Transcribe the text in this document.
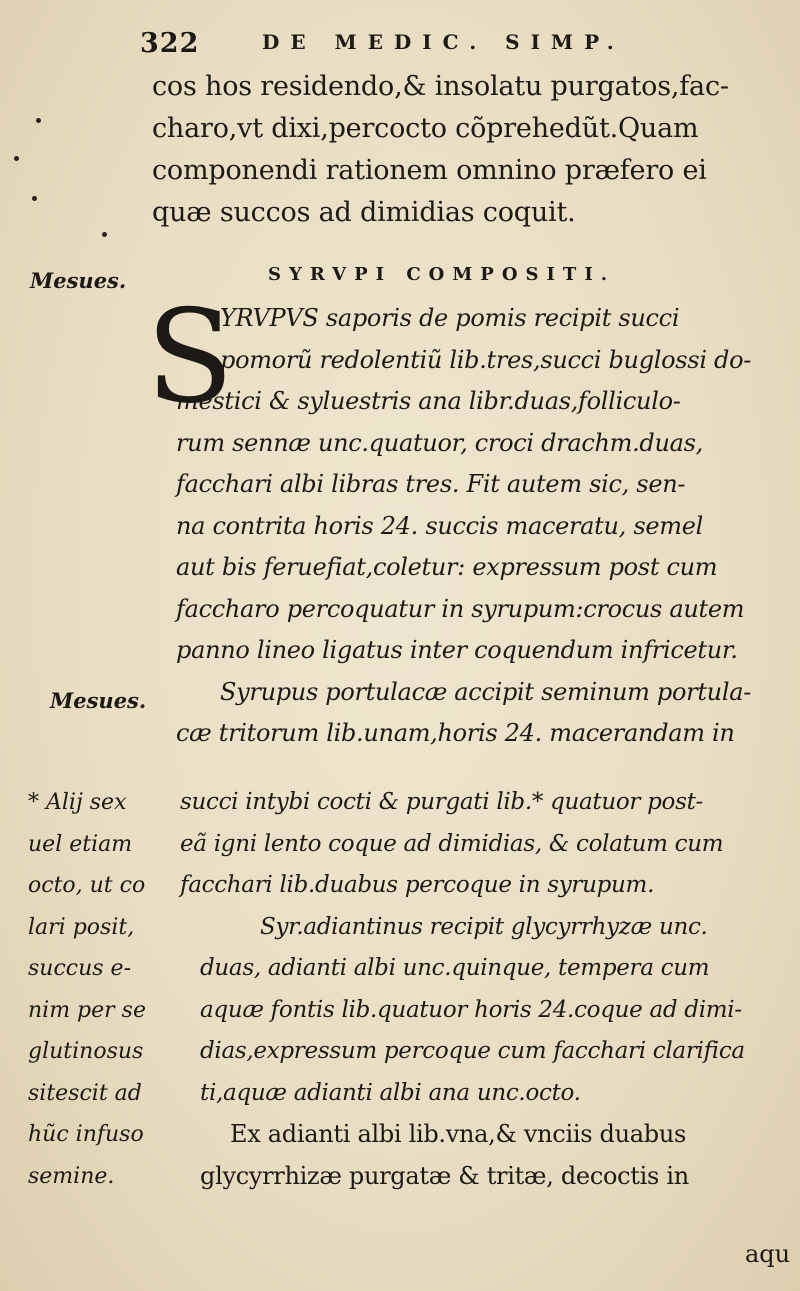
322	DE MEDIC. SIMP.
cos hos residendo,& insolatu purgatos,fac-
charo,vt dixi,percocto cõprehedũt.Quam
componendi rationem omnino præfero ei
quæ succos ad dimidias coquit.
Mesues.	SYRVPI COMPOSITI.
S
YRVPVS saporis de pomis recipit succi
pomorũ redolentiũ lib.tres,succi buglossi do-
mestici & syluestris ana libr.duas,folliculo-
rum sennæ unc.quatuor, croci drachm.duas,
facchari albi libras tres. Fit autem sic, sen-
na contrita horis 24. succis maceratu, semel
aut bis feruefiat,coletur: expressum post cum
faccharo percoquatur in syrupum:crocus autem
panno lineo ligatus inter coquendum infricetur.
Syrupus portulacæ accipit seminum portula-
cæ tritorum lib.unam,horis 24. macerandam in
Mesues.
* Alij sex
uel etiam
octo, ut co
lari posit,
succus e-
nim per se
glutinosus
sitescit ad
hũc infuso
semine.
succi intybi cocti & purgati lib.* quatuor post-
eã igni lento coque ad dimidias, & colatum cum
facchari lib.duabus percoque in syrupum.
Syr.adiantinus recipit glycyrrhyzæ unc.
duas, adianti albi unc.quinque, tempera cum
aquæ fontis lib.quatuor horis 24.coque ad dimi-
dias,expressum percoque cum facchari clarifica
ti,aquæ adianti albi ana unc.octo.
Ex adianti albi lib.vna,& vnciis duabus
glycyrrhizæ purgatæ & tritæ, decoctis in
aqu
